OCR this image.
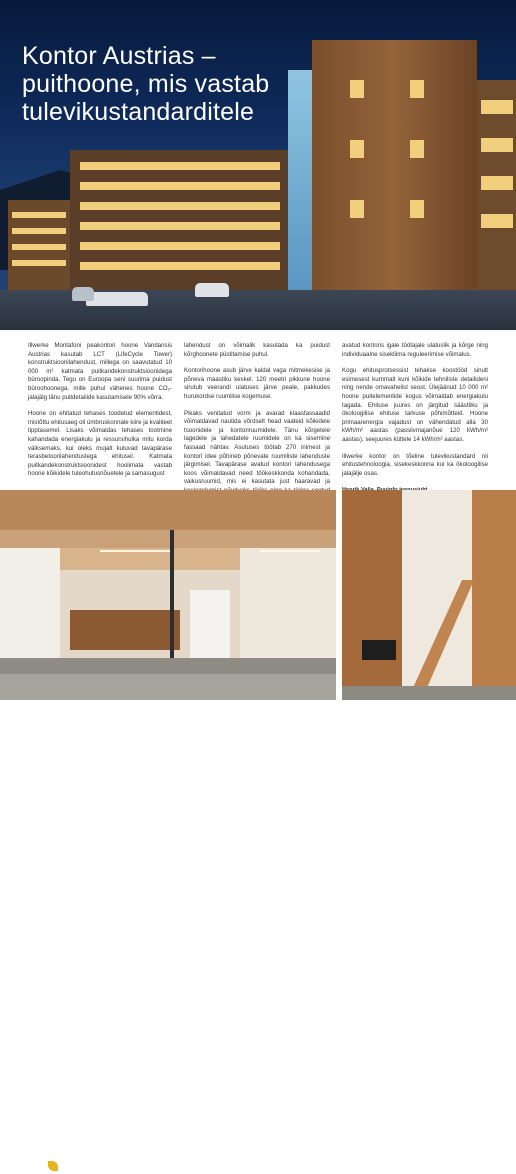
Kontor Austrias –
puithoone, mis vastab
tulevikustandarditele

Illwerke Montafoni peakontori hoone Vandansis Austrias kasutab LCT (LifeCycle Tower) konstruktsioonilahendust, millega on saavutatud 10 000 m² katmata puitkandekonstruktsioonidega büroopinda. Tegu on Euroopa seni suurima puidust büroohoonega, mille puhul vähenes hoone CO₂-jalajälg tänu puitdetailide kasutamisele 90% võrra.

Hoone on ehitatud tehases toodetud elementidest, mistõttu ehitusaeg oli ümbruskonnale kiire ja kvaliteet tipptasemel. Lisaks võimaldas tehases tootmine kahandada energiakulu ja ressursihulka mitu korda väiksemaks, kui oleks mujalt kuluvad tavapärase terasbetoonlahendustega ehitusel. Katmata puitkandekonstruktsioonidest hoolimata vastab hoone kõikidele tuleohutusnõuetele ja samasugust

lahendust on võimalik kasutada ka puidust kõrghoonete püstitamise puhul.

Kontorihoone asub järve kaldal vaga mitmekesise ja põneva maastiku keskel. 120 meetri pikkune hoone sirutub veerandi ulatuses järve peale, pakkudes hurukordse ruumilise kogemuse.

Pikaks venitatud vorm ja avarad klaasfassaadid võimaldavad nautida võrdselt head vaateid kõikidele tsoonidele ja kontoriruumidele. Tänu kõrgetele lagedele ja lahedatele ruumidele on ka sisemine fassaad nähtav. Asutuses töötab 270 inimest ja kontori idee põhineb põnevate ruumiliste lahenduste järgimisel. Tavapärase avatud kontori lahendusega koos võimaldavad need töökeskkonda kohandada, vaikusruumid, mis ei kasutata just haaravad ja

avatud kontoris igale töötajale ulatuslik ja kõrge ning individuaalne sisekliima reguleerimise võimalus.

Kogu ehitusprotsessist tehakse koostööd sinult esimesest kurnmalt kuni kõikide tehniliste detailideni ning nende omavahelist seost. Ülejäänud 10 000 m² hoone puitelementide kogus võimaldab energiakulu tagada. Ehituse juures on järgitud säästliku ja ökoloogilise ehituse tarkuse põhimõtteid. Hoone primaarenergia vajadust on vähendatud alla 30 kWh/m² aastas (passiivmajanõue 120 kWh/m² aastas), seejuures küttele 14 kWh/m² aastas.

Illwerke kontor on tõeline tulevikustandard nii ehitustehnoloogia, sisekeskkonna kui ka ökoloogilise jalajälje osas.

12 puuinfo
